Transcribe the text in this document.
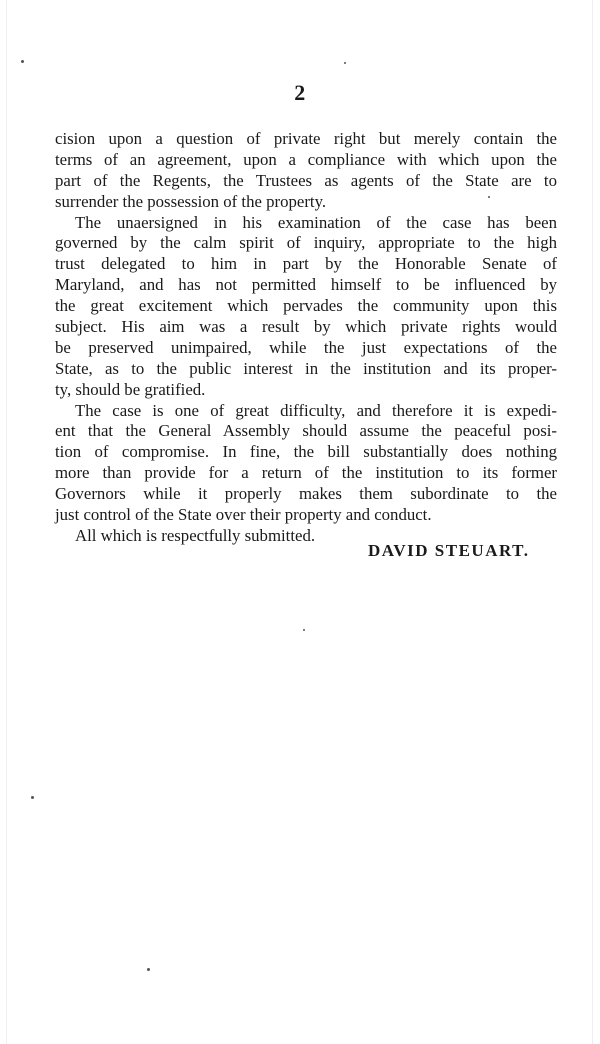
2
cision upon a question of private right but merely contain the
terms of an agreement, upon a compliance with which upon the
part of the Regents, the Trustees as agents of the State are to
surrender the possession of the property.
The unaersigned in his examination of the case has been
governed by the calm spirit of inquiry, appropriate to the high
trust delegated to him in part by the Honorable Senate of
Maryland, and has not permitted himself to be influenced by
the great excitement which pervades the community upon this
subject. His aim was a result by which private rights would
be preserved unimpaired, while the just expectations of the
State, as to the public interest in the institution and its proper-
ty, should be gratified.
The case is one of great difficulty, and therefore it is expedi-
ent that the General Assembly should assume the peaceful posi-
tion of compromise. In fine, the bill substantially does nothing
more than provide for a return of the institution to its former
Governors while it properly makes them subordinate to the
just control of the State over their property and conduct.
All which is respectfully submitted.
DAVID STEUART.
